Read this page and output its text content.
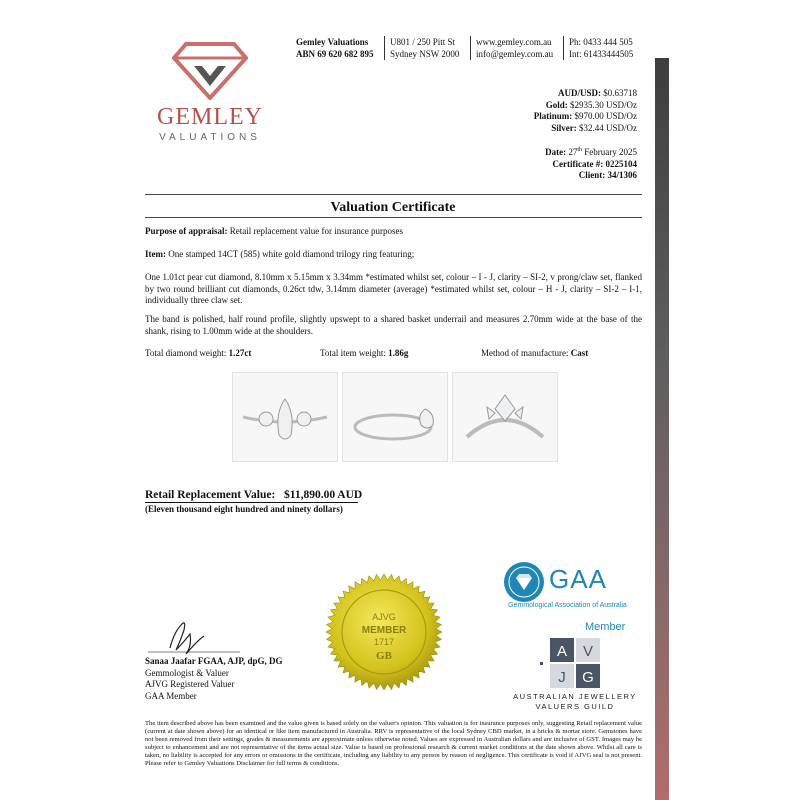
GEMLEY
VALUATIONS
Gemley Valuations
ABN 69 620 682 895
U801 / 250 Pitt St
Sydney NSW 2000
www.gemley.com.au
info@gemley.com.au
Ph: 0433 444 505
Int: 61433444505
AUD/USD: $0.63718
Gold: $2935.30 USD/Oz
Platinum: $970.00 USD/Oz
Silver: $32.44 USD/Oz
Date: 27th February 2025
Certificate #: 0225104
Client: 34/1306
Valuation Certificate
Purpose of appraisal: Retail replacement value for insurance purposes
Item: One stamped 14CT (585) white gold diamond trilogy ring featuring;
One 1.01ct pear cut diamond, 8.10mm x 5.15mm x 3.34mm *estimated whilst set, colour – I - J, clarity – SI-2, v prong/claw set, flanked by two round brilliant cut diamonds, 0.26ct tdw, 3.14mm diameter (average) *estimated whilst set, colour – H - J, clarity – SI-2 – I-1, individually three claw set.
The band is polished, half round profile, slightly upswept to a shared basket underrail and measures 2.70mm wide at the base of the shank, rising to 1.00mm wide at the shoulders.
Total diamond weight: 1.27ct	Total item weight: 1.86g	Method of manufacture: Cast
Retail Replacement Value: $11,890.00 AUD
(Eleven thousand eight hundred and ninety dollars)
Sanaa Jaafar FGAA, AJP, dpG, DG
Gemmologist & Valuer
AJVG Registered Valuer
GAA Member
AJVG
MEMBER
1717
GB
GAA
Gemmological Association of Australia
Member
A V
J G
AUSTRALIAN JEWELLERY
VALUERS GUILD
The item described above has been examined and the value given is based solely on the valuer's opinion. This valuation is for insurance purposes only, suggesting Retail replacement value (current at date shown above) for an identical or like item manufactured in Australia. RRV is representative of the local Sydney CBD market, in a bricks & mortar store. Gemstones have not been removed from their settings, grades & measurements are approximate unless otherwise noted. Values are expressed in Australian dollars and are inclusive of GST. Images may be subject to enhancement and are not representative of the items actual size. Value is based on professional research & current market conditions at the date shown above. Whilst all care is taken, no liability is accepted for any errors or omissions in the certificate, including any liability to any person by reason of negligence. This certificate is void if AJVG seal is not present. Please refer to Gemley Valuations Disclaimer for full terms & conditions.
